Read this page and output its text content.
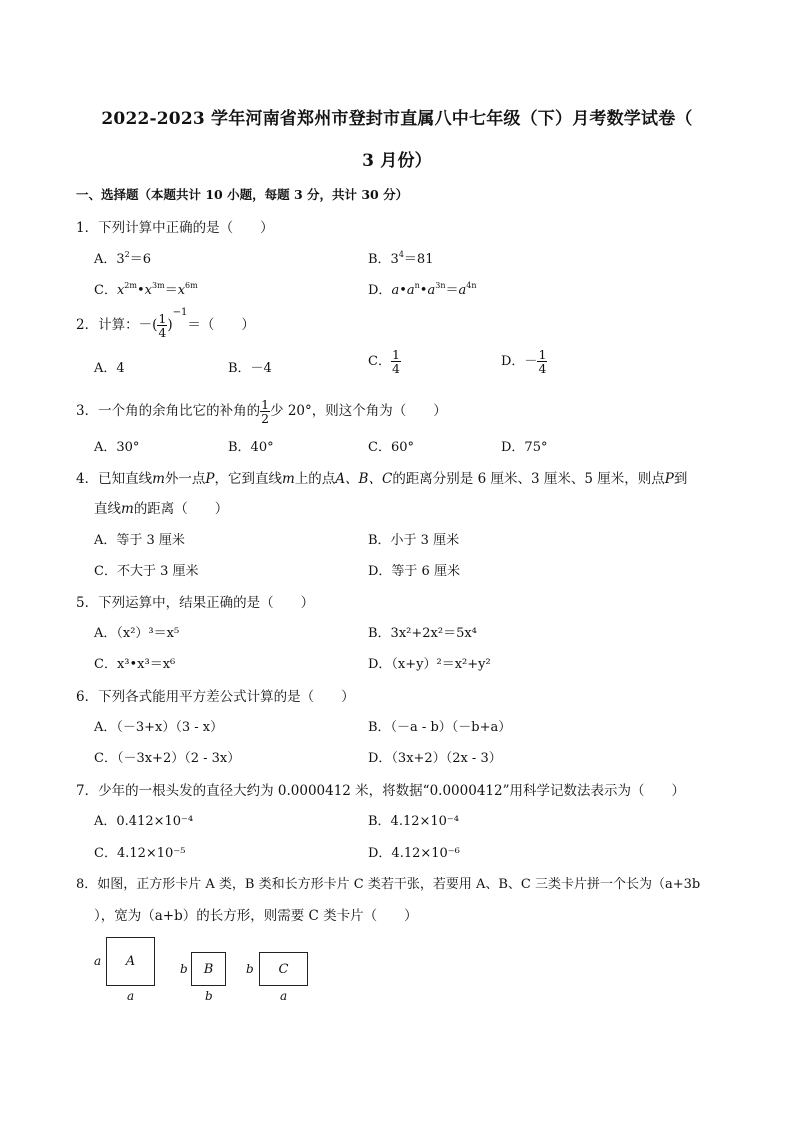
2022-2023 学年河南省郑州市登封市直属八中七年级（下）月考数学试卷（
3 月份）
一、选择题（本题共计 10 小题，每题 3 分，共计 30 分）
1．下列计算中正确的是（　　）
A．$3^2=6$	B．$3^4=81$
C．$x^{2m}•x^{3m}=x^{6m}$	D．$a•a^n•a^{3n}=a^{4n}$
2．计算：－( $\frac{1}{4} )^{-1}=$（　　）
A．4	B．－4	C． $\frac{1}{4}$	D．－ $\frac{1}{4}$
3．一个角的余角比它的补角的 $\frac{1}{2}$ 少 20°，则这个角为（　　）
A．30°	B．40°	C．60°	D．75°
4．已知直线m外一点P，它到直线m上的点A、B、C的距离分别是 6 厘米、3 厘米、5 厘米，则点P到
直线m的距离（　　）
A．等于 3 厘米	B．小于 3 厘米
C．不大于 3 厘米	D．等于 6 厘米
5．下列运算中，结果正确的是（　　）
A．（x²）³＝x⁵	B．3x²+2x²＝5x⁴
C．x³•x³＝x⁶	D．（x+y）²＝x²+y²
6．下列各式能用平方差公式计算的是（　　）
A．（－3+x）（3 - x）	B．（－a - b）（－b+a）
C．（－3x+2）（2 - 3x）	D．（3x+2）（2x - 3）
7．少年的一根头发的直径大约为 0.0000412 米，将数据“0.0000412”用科学记数法表示为（　　）
A．0.412×10⁻⁴	B．4.12×10⁻⁴
C．4.12×10⁻⁵	D．4.12×10⁻⁶
8．如图，正方形卡片 A 类，B 类和长方形卡片 C 类若干张，若要用 A、B、C 三类卡片拼一个长为（a+3b
），宽为（a+b）的长方形，则需要 C 类卡片（　　）
a	A
a
b	B
b
b	C
a
